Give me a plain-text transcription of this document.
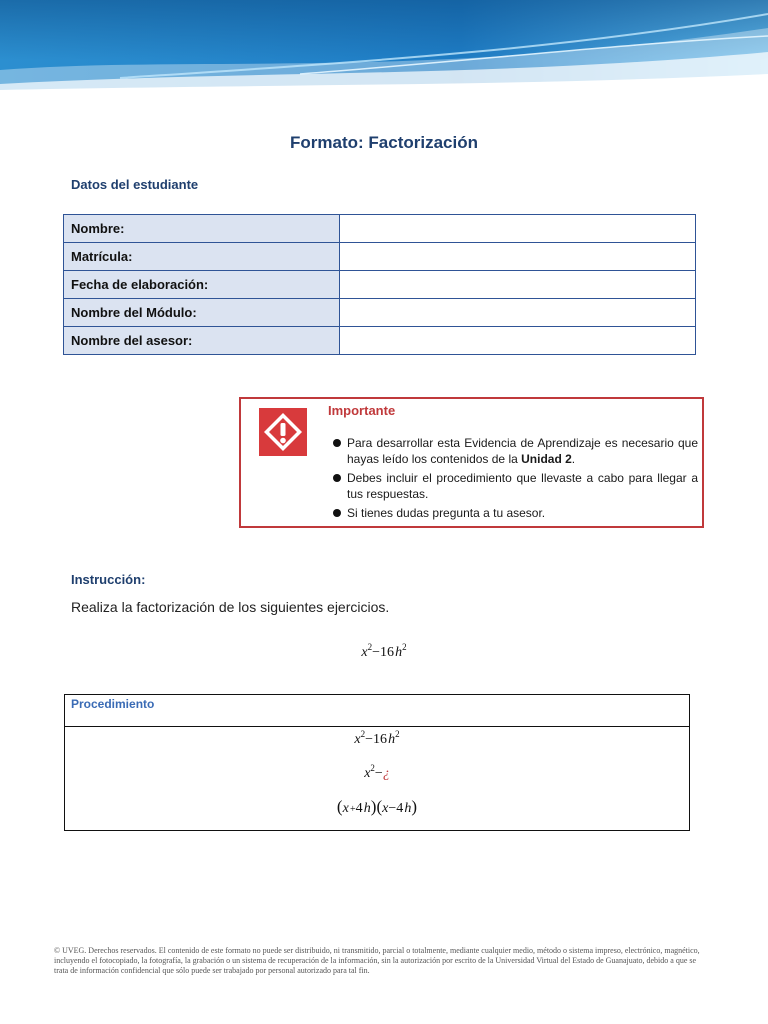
Formato: Factorización
Datos del estudiante
Nombre:	
Matrícula:	
Fecha de elaboración:	
Nombre del Módulo:	
Nombre del asesor:	
Importante
Para desarrollar esta Evidencia de Aprendizaje es necesario que hayas leído los contenidos de la Unidad 2.
Debes incluir el procedimiento que llevaste a cabo para llegar a tus respuestas.
Si tienes dudas pregunta a tu asesor.
Instrucción:
Realiza la factorización de los siguientes ejercicios.
$x^2-16$ $h^2$
Procedimiento
$x^2-16$ $h^2$
$x^2-¿$
(x +4 h)(x−4 h)
© UVEG. Derechos reservados. El contenido de este formato no puede ser distribuido, ni transmitido, parcial o totalmente, mediante cualquier medio, método o sistema impreso, electrónico, magnético, incluyendo el fotocopiado, la fotografía, la grabación o un sistema de recuperación de la información, sin la autorización por escrito de la Universidad Virtual del Estado de Guanajuato, debido a que se trata de información confidencial que sólo puede ser trabajado por personal autorizado para tal fin.
